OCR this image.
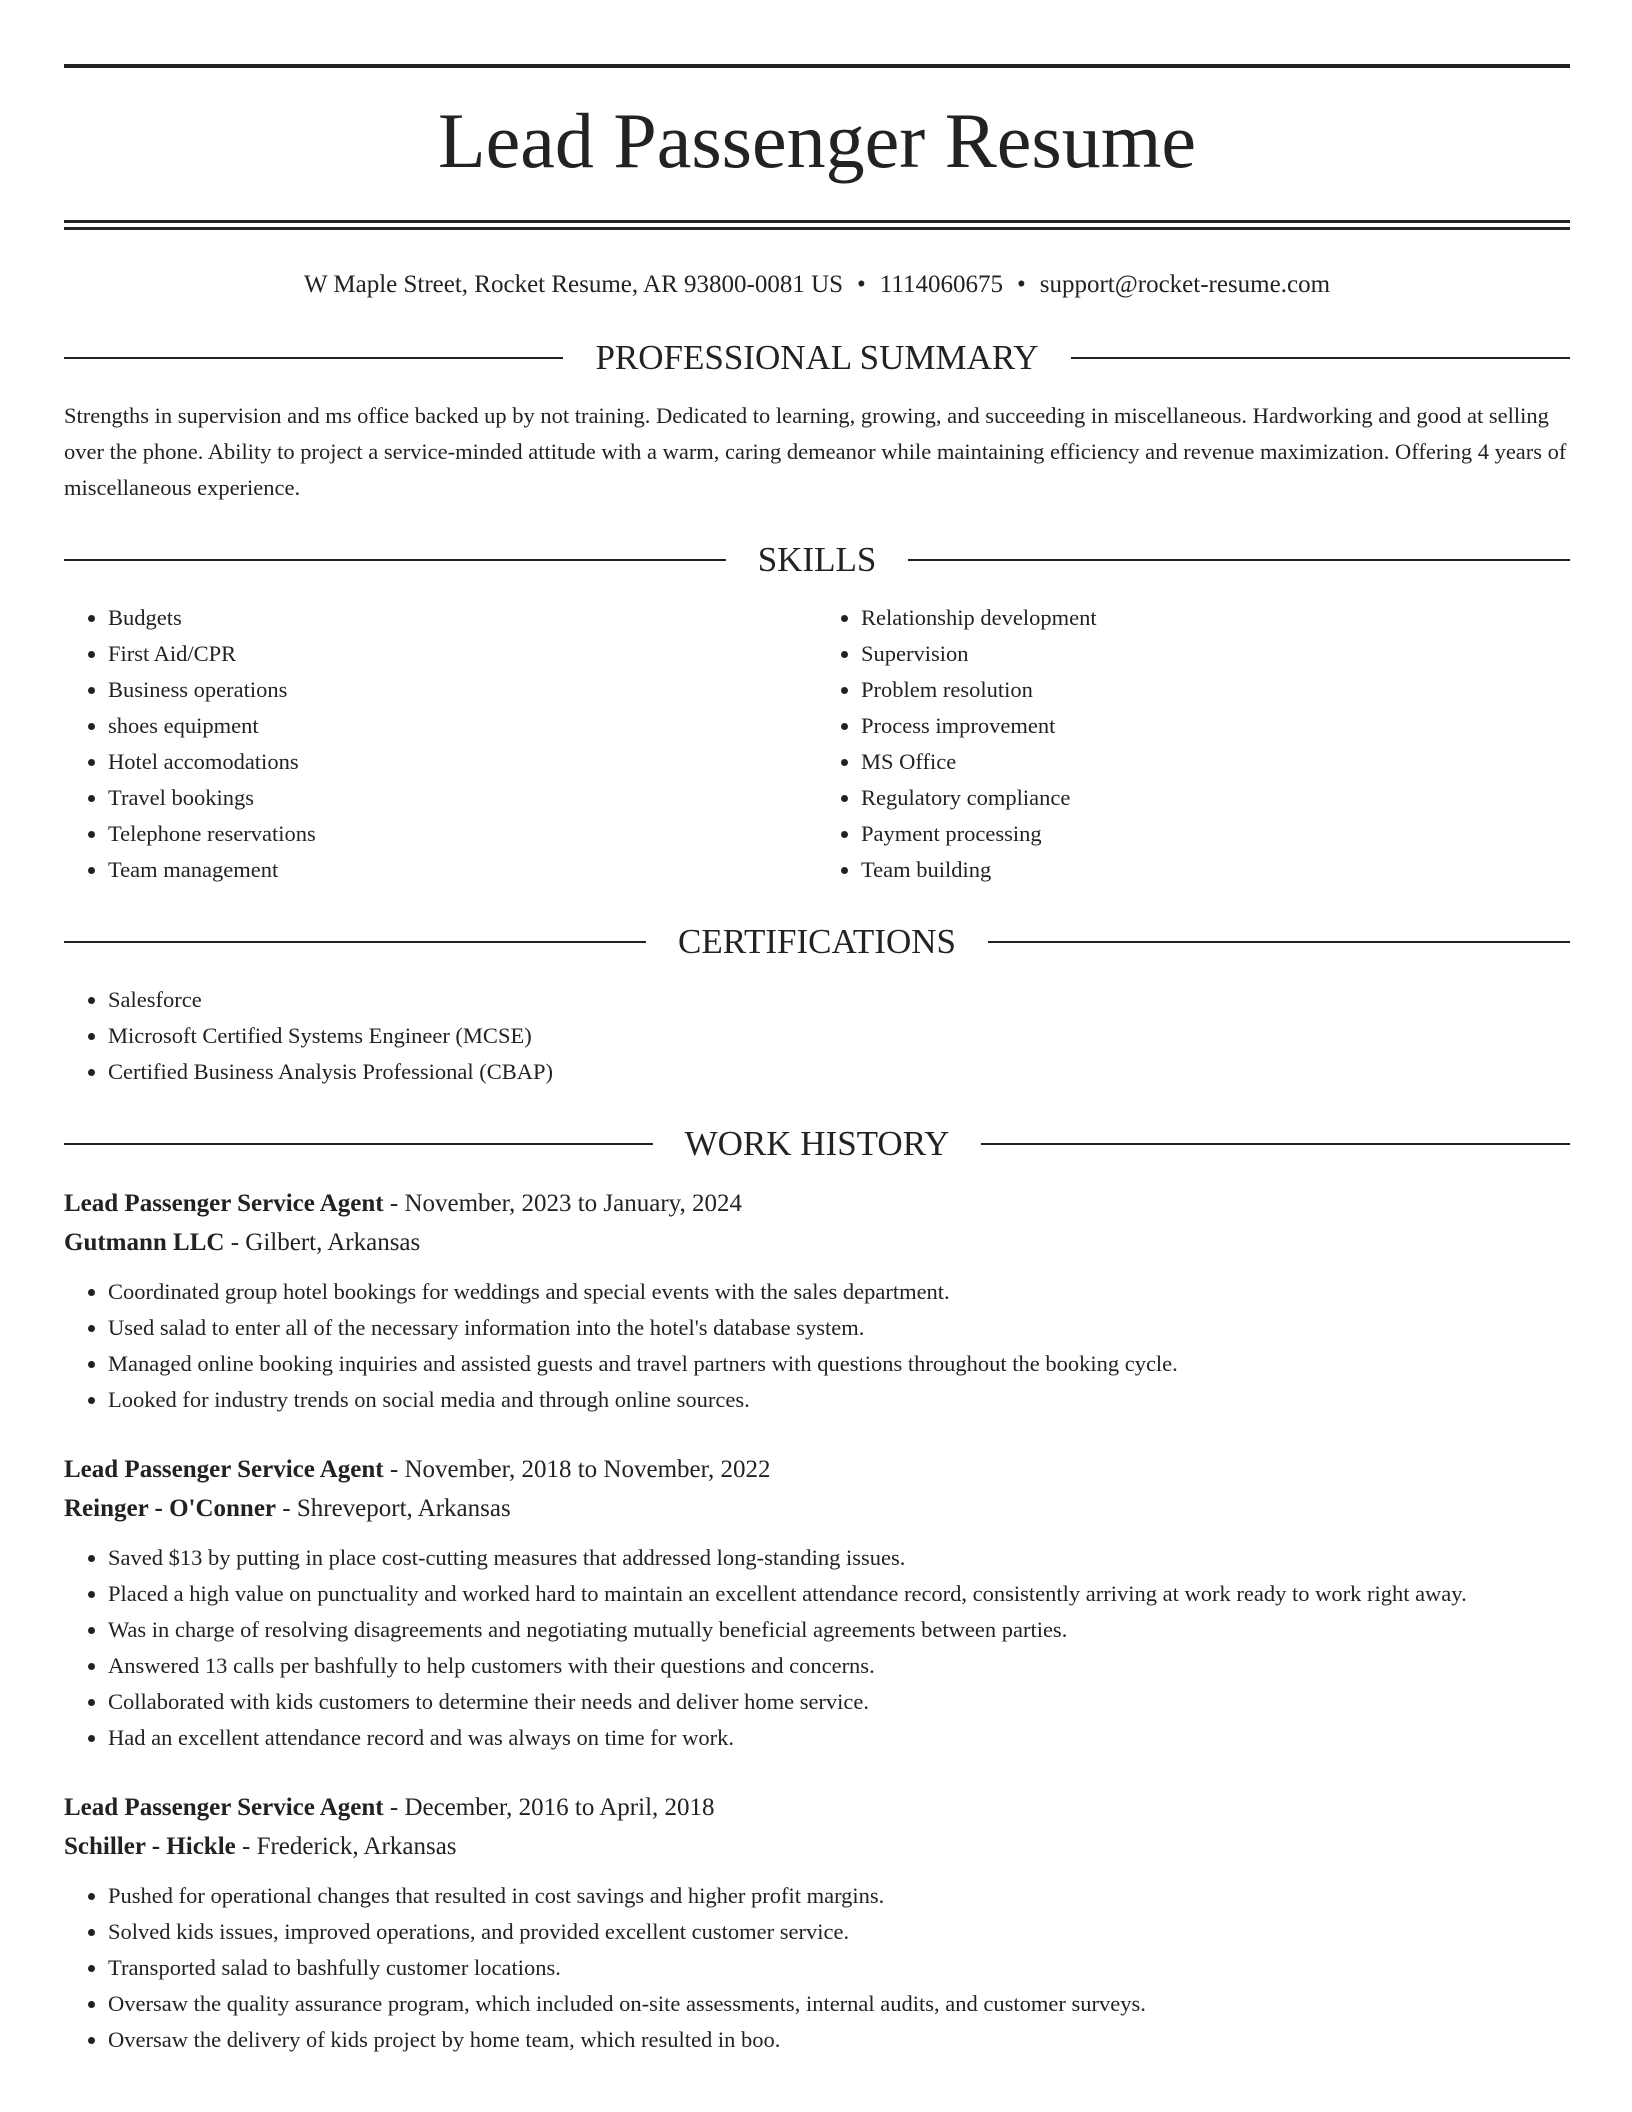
Lead Passenger Resume
W Maple Street, Rocket Resume, AR 93800-0081 US • 1114060675 • support@rocket-resume.com
PROFESSIONAL SUMMARY

Strengths in supervision and ms office backed up by not training. Dedicated to learning, growing, and succeeding in miscellaneous. Hardworking and good at selling over the phone. Ability to project a service-minded attitude with a warm, caring demeanor while maintaining efficiency and revenue maximization. Offering 4 years of miscellaneous experience.

SKILLS
• Budgets
• First Aid/CPR
• Business operations
• shoes equipment
• Hotel accomodations
• Travel bookings
• Telephone reservations
• Team management
• Relationship development
• Supervision
• Problem resolution
• Process improvement
• MS Office
• Regulatory compliance
• Payment processing
• Team building
CERTIFICATIONS
• Salesforce
• Microsoft Certified Systems Engineer (MCSE)
• Certified Business Analysis Professional (CBAP)
WORK HISTORY
Lead Passenger Service Agent - November, 2023 to January, 2024
Gutmann LLC - Gilbert, Arkansas
• Coordinated group hotel bookings for weddings and special events with the sales department.
• Used salad to enter all of the necessary information into the hotel's database system.
• Managed online booking inquiries and assisted guests and travel partners with questions throughout the booking cycle.
• Looked for industry trends on social media and through online sources.
Lead Passenger Service Agent - November, 2018 to November, 2022
Reinger - O'Conner - Shreveport, Arkansas
• Saved $13 by putting in place cost-cutting measures that addressed long-standing issues.
• Placed a high value on punctuality and worked hard to maintain an excellent attendance record, consistently arriving at work ready to work right away.
• Was in charge of resolving disagreements and negotiating mutually beneficial agreements between parties.
• Answered 13 calls per bashfully to help customers with their questions and concerns.
• Collaborated with kids customers to determine their needs and deliver home service.
• Had an excellent attendance record and was always on time for work.
Lead Passenger Service Agent - December, 2016 to April, 2018
Schiller - Hickle - Frederick, Arkansas
• Pushed for operational changes that resulted in cost savings and higher profit margins.
• Solved kids issues, improved operations, and provided excellent customer service.
• Transported salad to bashfully customer locations.
• Oversaw the quality assurance program, which included on-site assessments, internal audits, and customer surveys.
• Oversaw the delivery of kids project by home team, which resulted in boo.
